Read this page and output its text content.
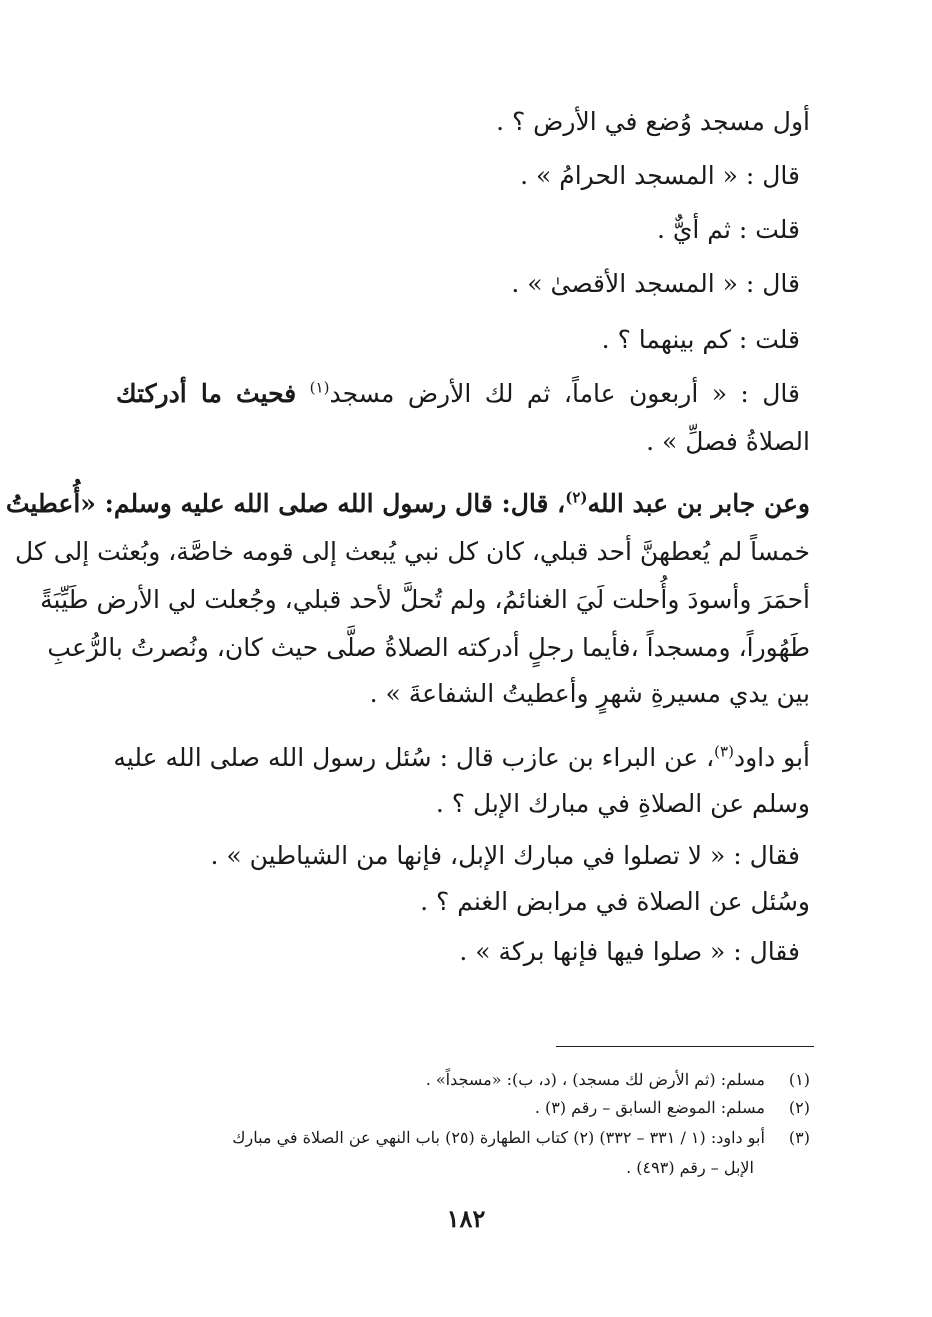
أول مسجد وُضع في الأرض ؟ .
قال : « المسجد الحرامُ » .
قلت : ثم أيٌّ .
قال : « المسجد الأقصىٰ » .
قلت : كم بينهما ؟ .
قال : « أربعون عاماً، ثم لك الأرض مسجد$^{(١)}$ فحيث ما أدركتك
الصلاةُ فصلِّ » .
وعن جابر بن عبد الله$^{(٢)}$، قال: قال رسول الله صلى الله عليه وسلم: «أُعطيتُ
خمساً لم يُعطهنَّ أحد قبلي، كان كل نبي يُبعث إلى قومه خاصَّة، وبُعثت إلى كل
أحمَرَ وأسودَ وأُحلت لَيَ الغنائمُ، ولم تُحلَّ لأحد قبلي، وجُعلت لي الأرض طَيِّبَةً
طَهُوراً، ومسجداً ،فأيما رجلٍ أدركته الصلاةُ صلَّى حيث كان، ونُصرتُ بالرُّعبِ
بين يدي مسيرةِ شهرٍ وأعطيتُ الشفاعةَ » .
أبو داود$^{(٣)}$، عن البراء بن عازب قال : سُئل رسول الله صلى الله عليه
وسلم عن الصلاةِ في مبارك الإبل ؟ .
فقال : « لا تصلوا في مبارك الإبل، فإنها من الشياطين » .
وسُئل عن الصلاة في مرابض الغنم ؟ .
فقال : « صلوا فيها فإنها بركة » .
(١) مسلم: (ثم الأرض لك مسجد) ، (د، ب): «مسجداً» .
(٢) مسلم: الموضع السابق – رقم (٣) .
(٣) أبو داود: (١ / ٣٣١ – ٣٣٢) (٢) كتاب الطهارة (٢٥) باب النهي عن الصلاة في مبارك
الإبل – رقم (٤٩٣) .
١٨٢
